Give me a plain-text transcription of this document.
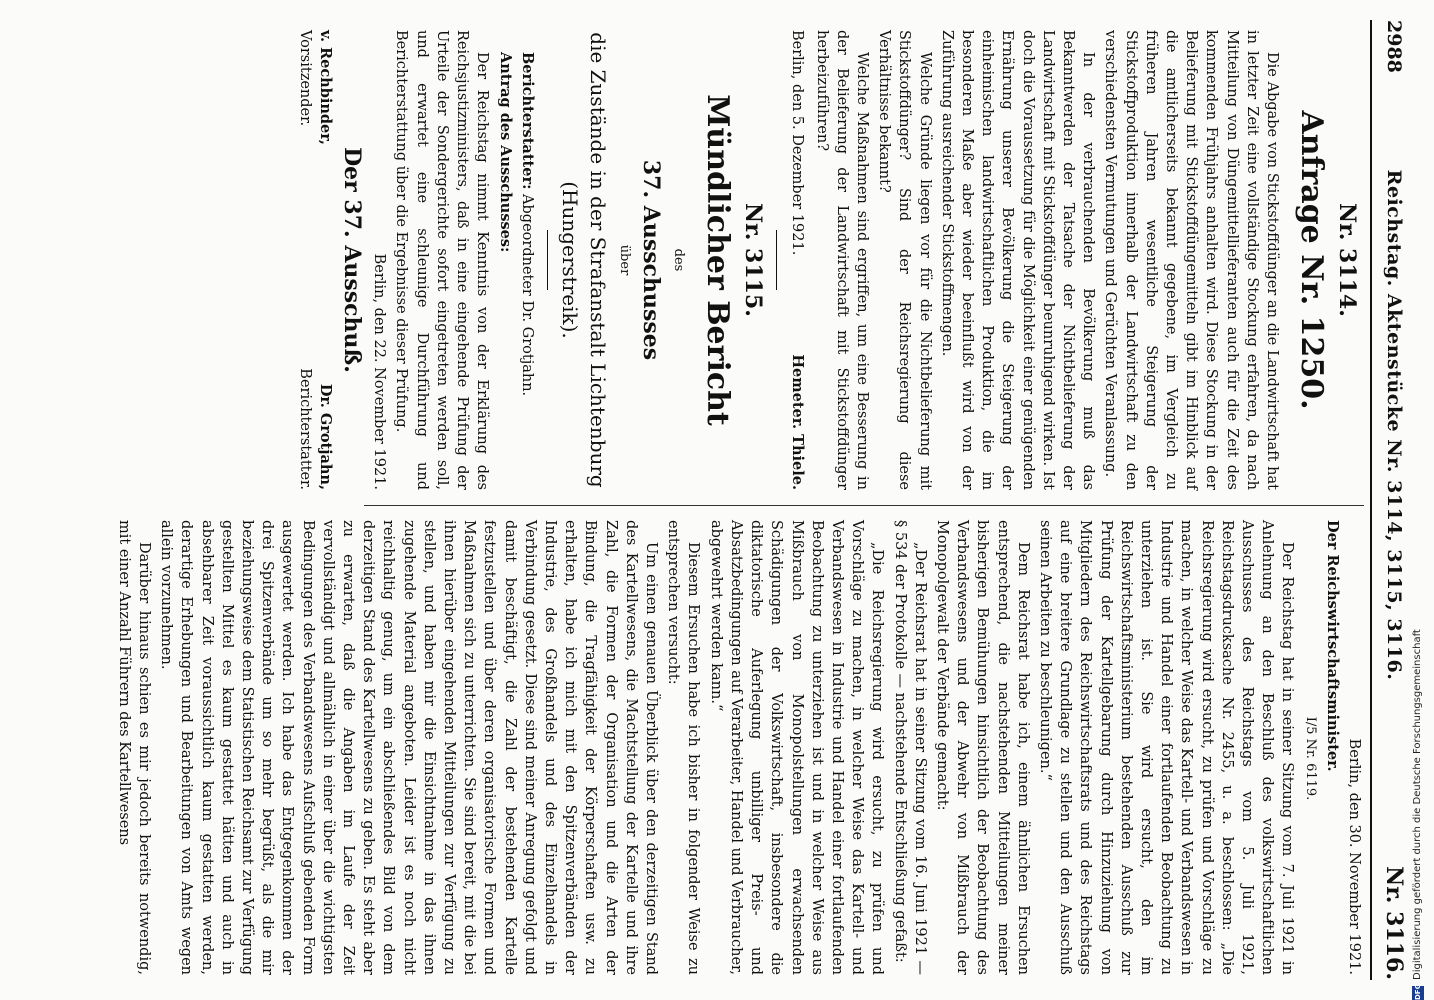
2988
Reichstag. Aktenstücke Nr. 3114, 3115, 3116.
Nr. 3116.
Nr. 3114.
Anfrage Nr. 1250.

Die Abgabe von Stickstoffdünger an die Landwirtschaft hat in letzter Zeit eine vollständige Stockung erfahren, da nach Mitteilung von Düngemittellieferanten auch für die Zeit des kommenden Frühjahrs anhalten wird. Diese Stockung in der Belieferung mit Stickstoffdüngemitteln gibt im Hinblick auf die amtlicherseits bekannt gegebene, im Vergleich zu früheren Jahren wesentliche Steigerung der Stickstoffproduktion innerhalb der Landwirtschaft zu den verschiedensten Vermutungen und Gerüchten Veranlassung.

In der verbrauchenden Bevölkerung muß das Bekanntwerden der Tatsache der Nichtbelieferung der Landwirtschaft mit Stickstoffdünger beunruhigend wirken. Ist doch die Voraussetzung für die Möglichkeit einer genügenden Ernährung unserer Bevölkerung die Steigerung der einheimischen landwirtschaftlichen Produktion, die im besonderen Maße aber wieder beeinflußt wird von der Zuführung ausreichender Stickstoffmengen.

Welche Gründe liegen vor für die Nichtbelieferung mit Stickstoffdünger? Sind der Reichsregierung diese Verhältnisse bekannt?

Welche Maßnahmen sind ergriffen, um eine Besserung in der Belieferung der Landwirtschaft mit Stickstoffdünger herbeizuführen?

Berlin, den 5. Dezember 1921.
Hemeter. Thiele.
Nr. 3115.
Mündlicher Bericht
des
37. Ausschusses
über
die Zustände in der Strafanstalt Lichtenburg
(Hungerstreik).

Berichterstatter: Abgeordneter Dr. Grotjahn.

Antrag des Ausschusses:

Der Reichstag nimmt Kenntnis von der Erklärung des Reichsjustizministers, daß in eine eingehende Prüfung der Urteile der Sondergerichte sofort eingetreten werden soll, und erwartet eine schleunige Durchführung und Berichterstattung über die Ergebnisse dieser Prüfung.

Berlin, den 22. November 1921.

Der 37. Ausschuß.
v. Rechbinder,
Vorsitzender.
Dr. Grotjahn,
Berichterstatter.

Berlin, den 30. November 1921.

Der Reichswirtschaftsminister.

I/5 Nr. 6119.

Der Reichstag hat in seiner Sitzung vom 7. Juli 1921 in Anlehnung an den Beschluß des volkswirtschaftlichen Ausschusses des Reichstags vom 5. Juli 1921, Reichstagsdrucksache Nr. 2455, u. a. beschlossen: „Die Reichsregierung wird ersucht, zu prüfen und Vorschläge zu machen, in welcher Weise das Kartell- und Verbandswesen in Industrie und Handel einer fortlaufenden Beobachtung zu unterziehen ist. Sie wird ersucht, den im Reichswirtschaftsministerium bestehenden Ausschuß zur Prüfung der Kartellgebarung durch Hinzuziehung von Mitgliedern des Reichswirtschaftsrats und des Reichstags auf eine breitere Grundlage zu stellen und den Ausschuß seinen Arbeiten zu beschleunigen.“

Dem Reichsrat habe ich, einem ähnlichen Ersuchen entsprechend, die nachstehenden Mitteilungen meiner bisherigen Bemühungen hinsichtlich der Beobachtung des Verbandswesens und der Abwehr von Mißbrauch der Monopolgewalt der Verbände gemacht:

„Der Reichsrat hat in seiner Sitzung vom 16. Juni 1921 — § 534 der Protokolle — nachstehende Entschließung gefaßt:

„Die Reichsregierung wird ersucht, zu prüfen und Vorschläge zu machen, in welcher Weise das Kartell- und Verbandswesen in Industrie und Handel einer fortlaufenden Beobachtung zu unterziehen ist und in welcher Weise aus Mißbrauch von Monopolstellungen erwachsenden Schädigungen der Volkswirtschaft, insbesondere die diktatorische Auferlegung unbilliger Preis- und Absatzbedingungen auf Verarbeiter, Handel und Verbraucher, abgewehrt werden kann.“

Diesem Ersuchen habe ich bisher in folgender Weise zu entsprechen versucht:

Um einen genauen Überblick über den derzeitigen Stand des Kartellwesens, die Machtstellung der Kartelle und ihre Zahl, die Formen der Organisation und die Arten der Bindung, die Tragfähigkeit der Körperschaften usw. zu erhalten, habe ich mich mit den Spitzenverbänden der Industrie, des Großhandels und des Einzelhandels in Verbindung gesetzt. Diese sind meiner Anregung gefolgt und damit beschäftigt, die Zahl der bestehenden Kartelle festzustellen und über deren organisatorische Formen und Maßnahmen sich zu unterrichten. Sie sind bereit, mit die bei ihnen hierüber eingehenden Mitteilungen zur Verfügung zu stellen, und haben mir die Einsichtnahme in das ihnen zugehende Material angeboten. Leider ist es noch nicht reichhaltig genug, um ein abschließendes Bild von dem derzeitigen Stand des Kartellwesens zu geben. Es steht aber zu erwarten, daß die Angaben im Laufe der Zeit vervollständigt und allmählich in einer über die wichtigsten Bedingungen des Verbandswesens Aufschluß gebenden Form ausgewertet werden. Ich habe das Entgegenkommen der drei Spitzenverbände um so mehr begrüßt, als die mir beziehungsweise dem Statistischen Reichsamt zur Verfügung gestellten Mittel es kaum gestattet hätten und auch in absehbarer Zeit voraussichtlich kaum gestatten werden, derartige Erhebungen und Bearbeitungen von Amts wegen allein vorzunehmen.

Darüber hinaus schien es mir jedoch bereits notwendig, mit einer Anzahl Führern des Kartellwesens

DFG
Digitalisierung gefördert durch die Deutsche Forschungsgemeinschaft
